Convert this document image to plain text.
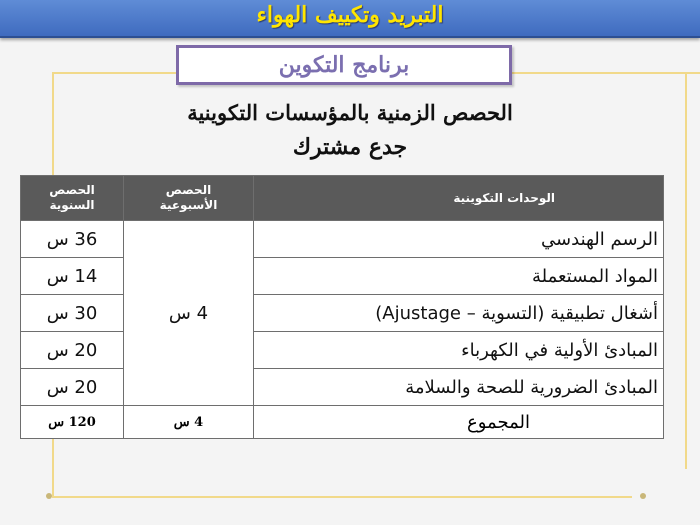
التبريد وتكييف الهواء
برنامج التكوين
الحصص الزمنية بالمؤسسات التكوينية
جدع مشترك
الوحدات التكوينية	الحصص الأسبوعية	الحصص السنوية
الرسم الهندسي	4 س	36 س
المواد المستعملة		14 س
أشغال تطبيقية (التسوية – Ajustage)		30 س
المبادئ الأولية في الكهرباء		20 س
المبادئ الضرورية للصحة والسلامة		20 س
المجموع	4 س	120 س
